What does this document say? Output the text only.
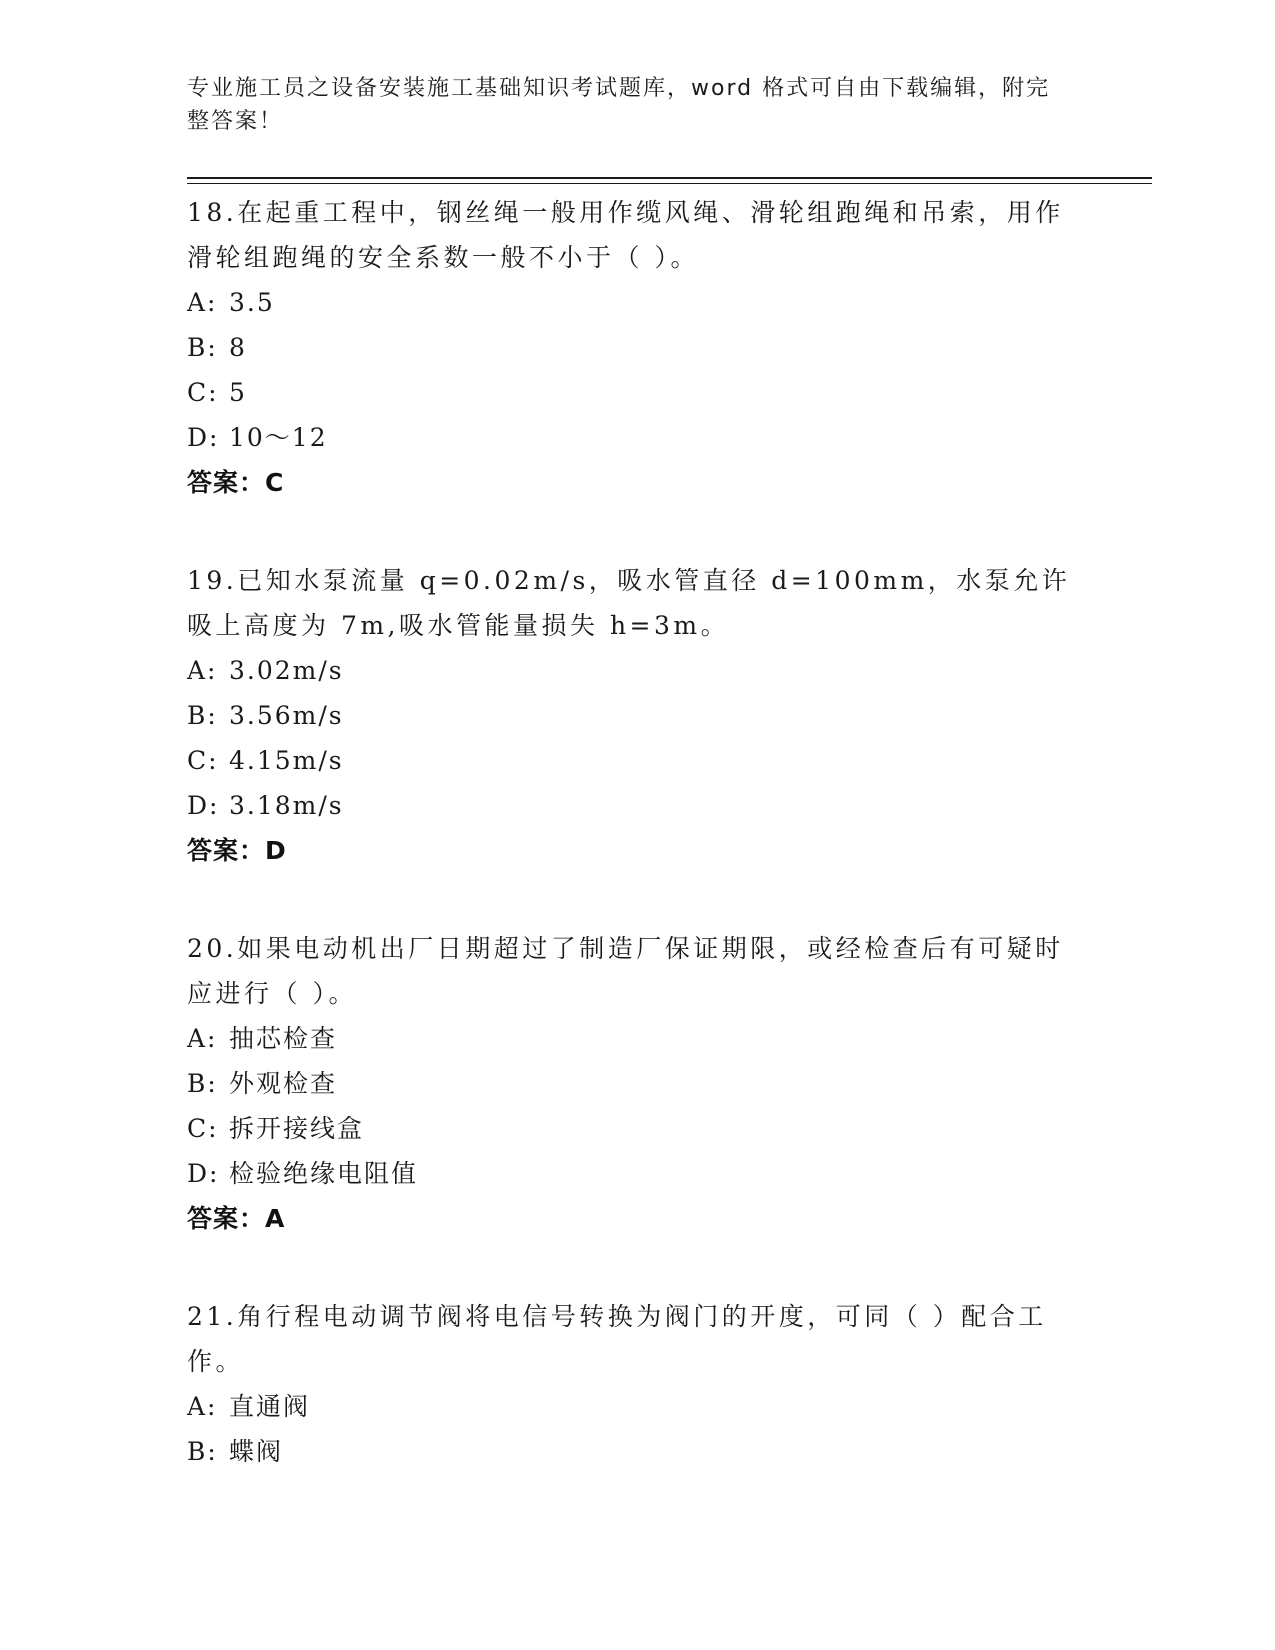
专业施工员之设备安装施工基础知识考试题库，word 格式可自由下载编辑，附完整答案！
18.在起重工程中，钢丝绳一般用作缆风绳、滑轮组跑绳和吊索，用作滑轮组跑绳的安全系数一般不小于（ ）。
A: 3.5
B: 8
C: 5
D: 10～12
答案：C
19.已知水泵流量 q=0.02m/s，吸水管直径 d=100mm，水泵允许吸上高度为 7m,吸水管能量损失 h=3m。
A: 3.02m/s
B: 3.56m/s
C: 4.15m/s
D: 3.18m/s
答案：D
20.如果电动机出厂日期超过了制造厂保证期限，或经检查后有可疑时应进行（ ）。
A: 抽芯检查
B: 外观检查
C: 拆开接线盒
D: 检验绝缘电阻值
答案：A
21.角行程电动调节阀将电信号转换为阀门的开度，可同（ ）配合工作。
A: 直通阀
B: 蝶阀
